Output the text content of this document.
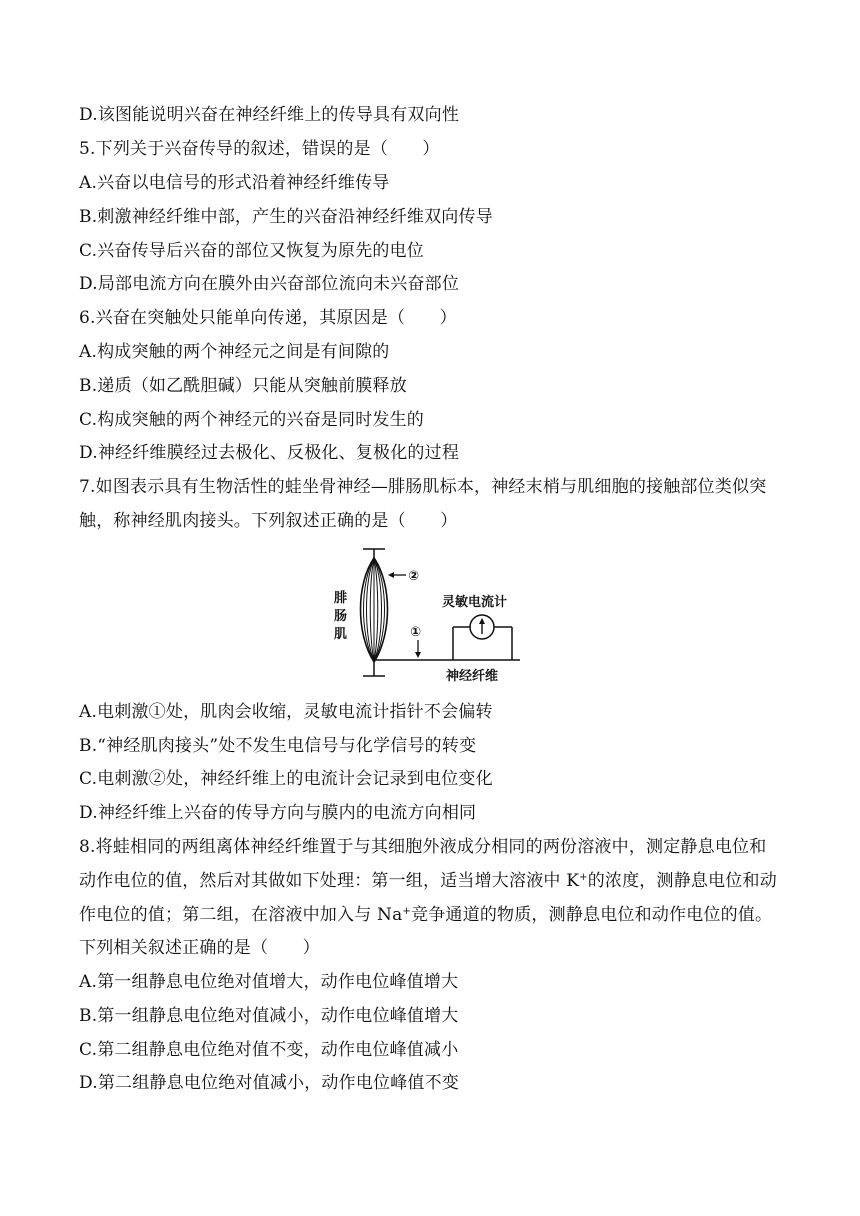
D.该图能说明兴奋在神经纤维上的传导具有双向性
5.下列关于兴奋传导的叙述，错误的是（　　）
A.兴奋以电信号的形式沿着神经纤维传导
B.刺激神经纤维中部，产生的兴奋沿神经纤维双向传导
C.兴奋传导后兴奋的部位又恢复为原先的电位
D.局部电流方向在膜外由兴奋部位流向未兴奋部位
6.兴奋在突触处只能单向传递，其原因是（　　）
A.构成突触的两个神经元之间是有间隙的
B.递质（如乙酰胆碱）只能从突触前膜释放
C.构成突触的两个神经元的兴奋是同时发生的
D.神经纤维膜经过去极化、反极化、复极化的过程
7.如图表示具有生物活性的蛙坐骨神经—腓肠肌标本，神经末梢与肌细胞的接触部位类似突
触，称神经肌肉接头。下列叙述正确的是（　　）
②
①
腓
肠
肌
灵敏电流计
神经纤维
A.电刺激①处，肌肉会收缩，灵敏电流计指针不会偏转
B.“神经肌肉接头”处不发生电信号与化学信号的转变
C.电刺激②处，神经纤维上的电流计会记录到电位变化
D.神经纤维上兴奋的传导方向与膜内的电流方向相同
8.将蛙相同的两组离体神经纤维置于与其细胞外液成分相同的两份溶液中，测定静息电位和
动作电位的值，然后对其做如下处理：第一组，适当增大溶液中 K+的浓度，测静息电位和动
作电位的值；第二组，在溶液中加入与 Na+竞争通道的物质，测静息电位和动作电位的值。
下列相关叙述正确的是（　　）
A.第一组静息电位绝对值增大，动作电位峰值增大
B.第一组静息电位绝对值减小，动作电位峰值增大
C.第二组静息电位绝对值不变，动作电位峰值减小
D.第二组静息电位绝对值减小，动作电位峰值不变
